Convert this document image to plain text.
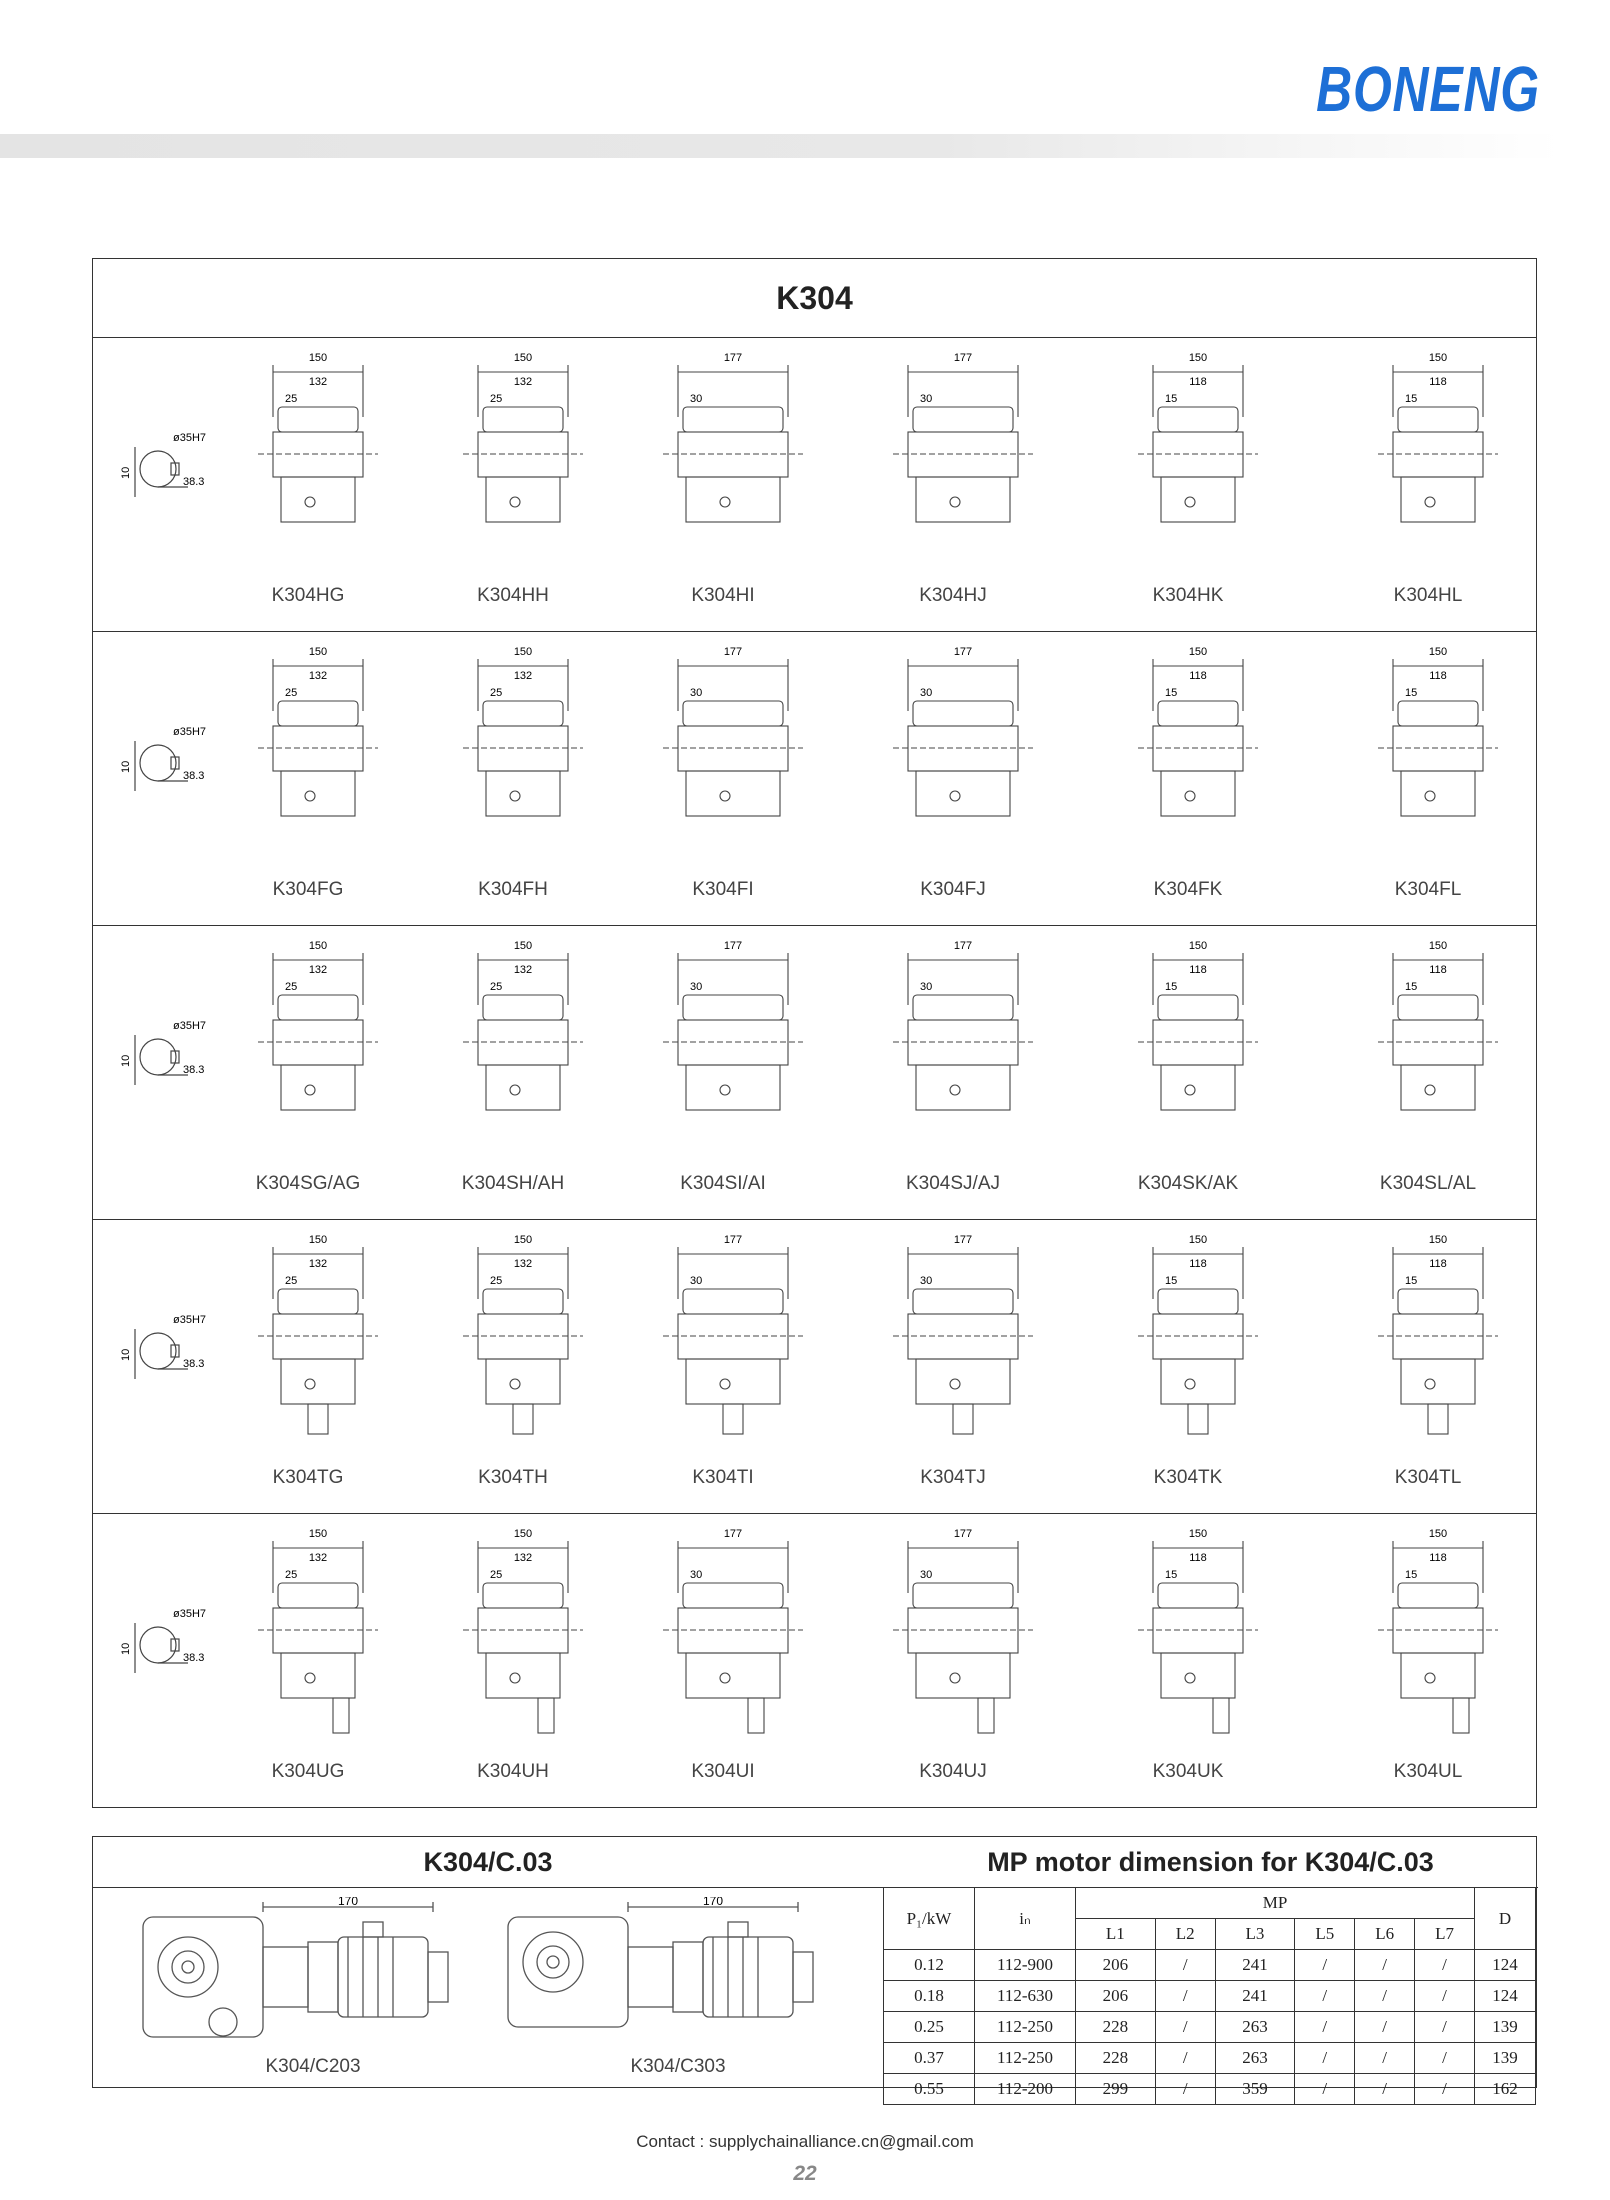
BONENG
K304
ø35H7
38.3
10
150
132
25
K304HG
150
132
25
K304HH
177
30
K304HI
177
30
K304HJ
150
118
15
K304HK
150
118
15
K304HL
ø35H7
38.3
10
150
132
25
K304FG
150
132
25
K304FH
177
30
K304FI
177
30
K304FJ
150
118
15
K304FK
150
118
15
K304FL
ø35H7
38.3
10
150
132
25
K304SG/AG
150
132
25
K304SH/AH
177
30
K304SI/AI
177
30
K304SJ/AJ
150
118
15
K304SK/AK
150
118
15
K304SL/AL
ø35H7
38.3
10
150
132
25
K304TG
150
132
25
K304TH
177
30
K304TI
177
30
K304TJ
150
118
15
K304TK
150
118
15
K304TL
ø35H7
38.3
10
150
132
25
K304UG
150
132
25
K304UH
177
30
K304UI
177
30
K304UJ
150
118
15
K304UK
150
118
15
K304UL
K304/C.03	MP motor dimension for K304/C.03
170
K304/C203
170
K304/C303
P₁/kW	iₙ	MP						D
		L1	L2	L3	L5	L6	L7	
0.12	112-900	206	/	241	/	/	/	124
0.18	112-630	206	/	241	/	/	/	124
0.25	112-250	228	/	263	/	/	/	139
0.37	112-250	228	/	263	/	/	/	139
0.55	112-200	299	/	359	/	/	/	162
Contact : supplychainalliance.cn@gmail.com
22
